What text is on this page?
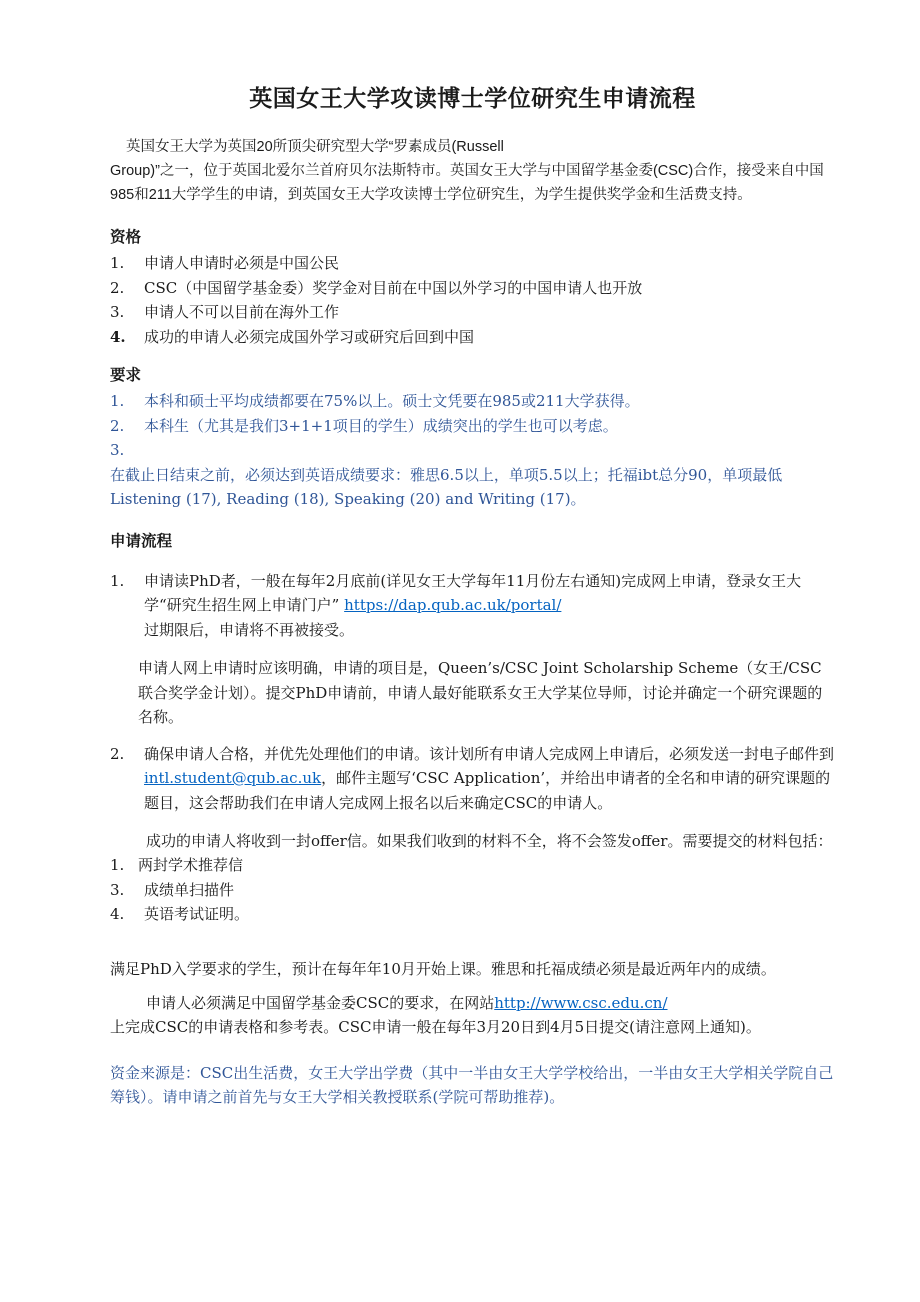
英国女王大学攻读博士学位研究生申请流程

英国女王大学为英国20所顶尖研究型大学“罗素成员(Russell

Group)”之一，位于英国北爱尔兰首府贝尔法斯特市。英国女王大学与中国留学基金委(CSC)合作，接受来自中国985和211大学学生的申请，到英国女王大学攻读博士学位研究生，为学生提供奖学金和生活费支持。

资格
1.	申请人申请时必须是中国公民
2.	CSC（中国留学基金委）奖学金对目前在中国以外学习的中国申请人也开放
3.	申请人不可以目前在海外工作
4.	成功的申请人必须完成国外学习或研究后回到中国
要求
1.	本科和硕士平均成绩都要在75%以上。硕士文凭要在985或211大学获得。
2.	本科生（尤其是我们3+1+1项目的学生）成绩突出的学生也可以考虑。
3.

在截止日结束之前，必须达到英语成绩要求：雅思6.5以上，单项5.5以上；托福ibt总分90，单项最低Listening (17), Reading (18), Speaking (20) and Writing (17)。

申请流程
1.	申请读PhD者，一般在每年2月底前(详见女王大学每年11月份左右通知)完成网上申请，登录女王大学“研究生招生网上申请门户” https://dap.qub.ac.uk/portal/
过期限后，申请将不再被接受。

申请人网上申请时应该明确，申请的项目是，Queen’s/CSC Joint Scholarship Scheme（女王/CSC联合奖学金计划）。提交PhD申请前，申请人最好能联系女王大学某位导师，讨论并确定一个研究课题的名称。

2.	确保申请人合格，并优先处理他们的申请。该计划所有申请人完成网上申请后，必须发送一封电子邮件到intl.student@qub.ac.uk，邮件主题写‘CSC Application’，并给出申请者的全名和申请的研究课题的题目，这会帮助我们在申请人完成网上报名以后来确定CSC的申请人。

成功的申请人将收到一封offer信。如果我们收到的材料不全，将不会签发offer。需要提交的材料包括：

1. 两封学术推荐信
3.	成绩单扫描件
4.	英语考试证明。

满足PhD入学要求的学生，预计在每年年10月开始上课。雅思和托福成绩必须是最近两年内的成绩。

申请人必须满足中国留学基金委CSC的要求，在网站http://www.csc.edu.cn/

上完成CSC的申请表格和参考表。CSC申请一般在每年3月20日到4月5日提交(请注意网上通知)。

资金来源是：CSC出生活费，女王大学出学费（其中一半由女王大学学校给出，一半由女王大学相关学院自己筹钱）。请申请之前首先与女王大学相关教授联系(学院可帮助推荐)。
